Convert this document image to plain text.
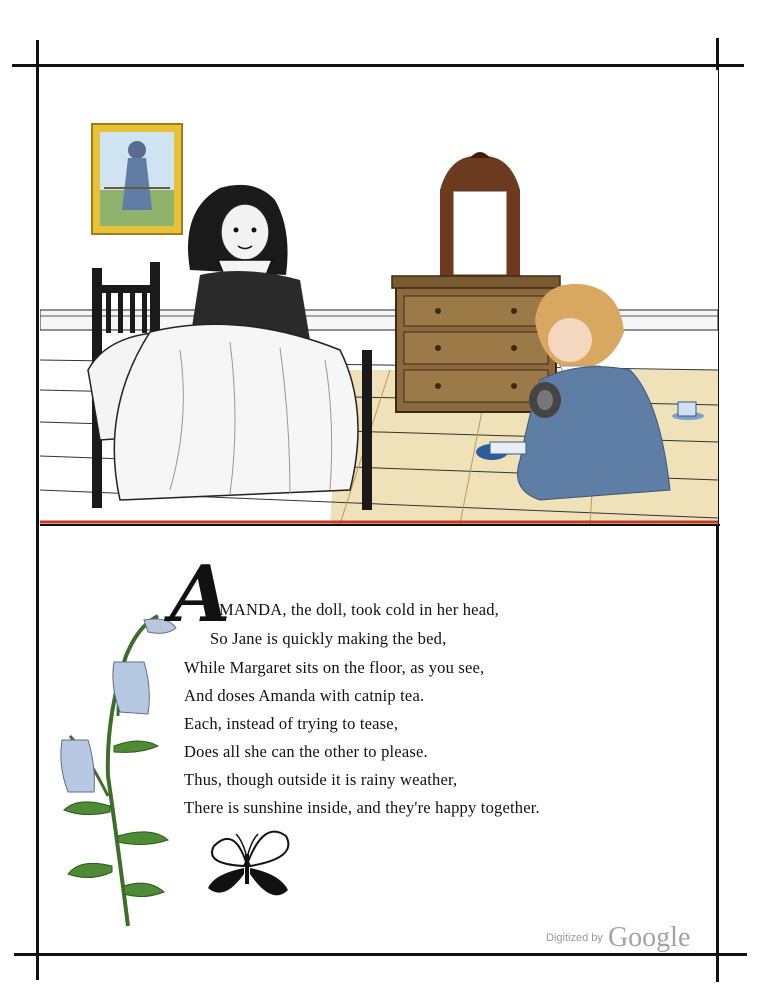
A
MANDA, the doll, took cold in her head,
So Jane is quickly making the bed,
While Margaret sits on the floor, as you see,
And doses Amanda with catnip tea.
Each, instead of trying to tease,
Does all she can the other to please.
Thus, though outside it is rainy weather,
There is sunshine inside, and they're happy together.
Digitized by Google
